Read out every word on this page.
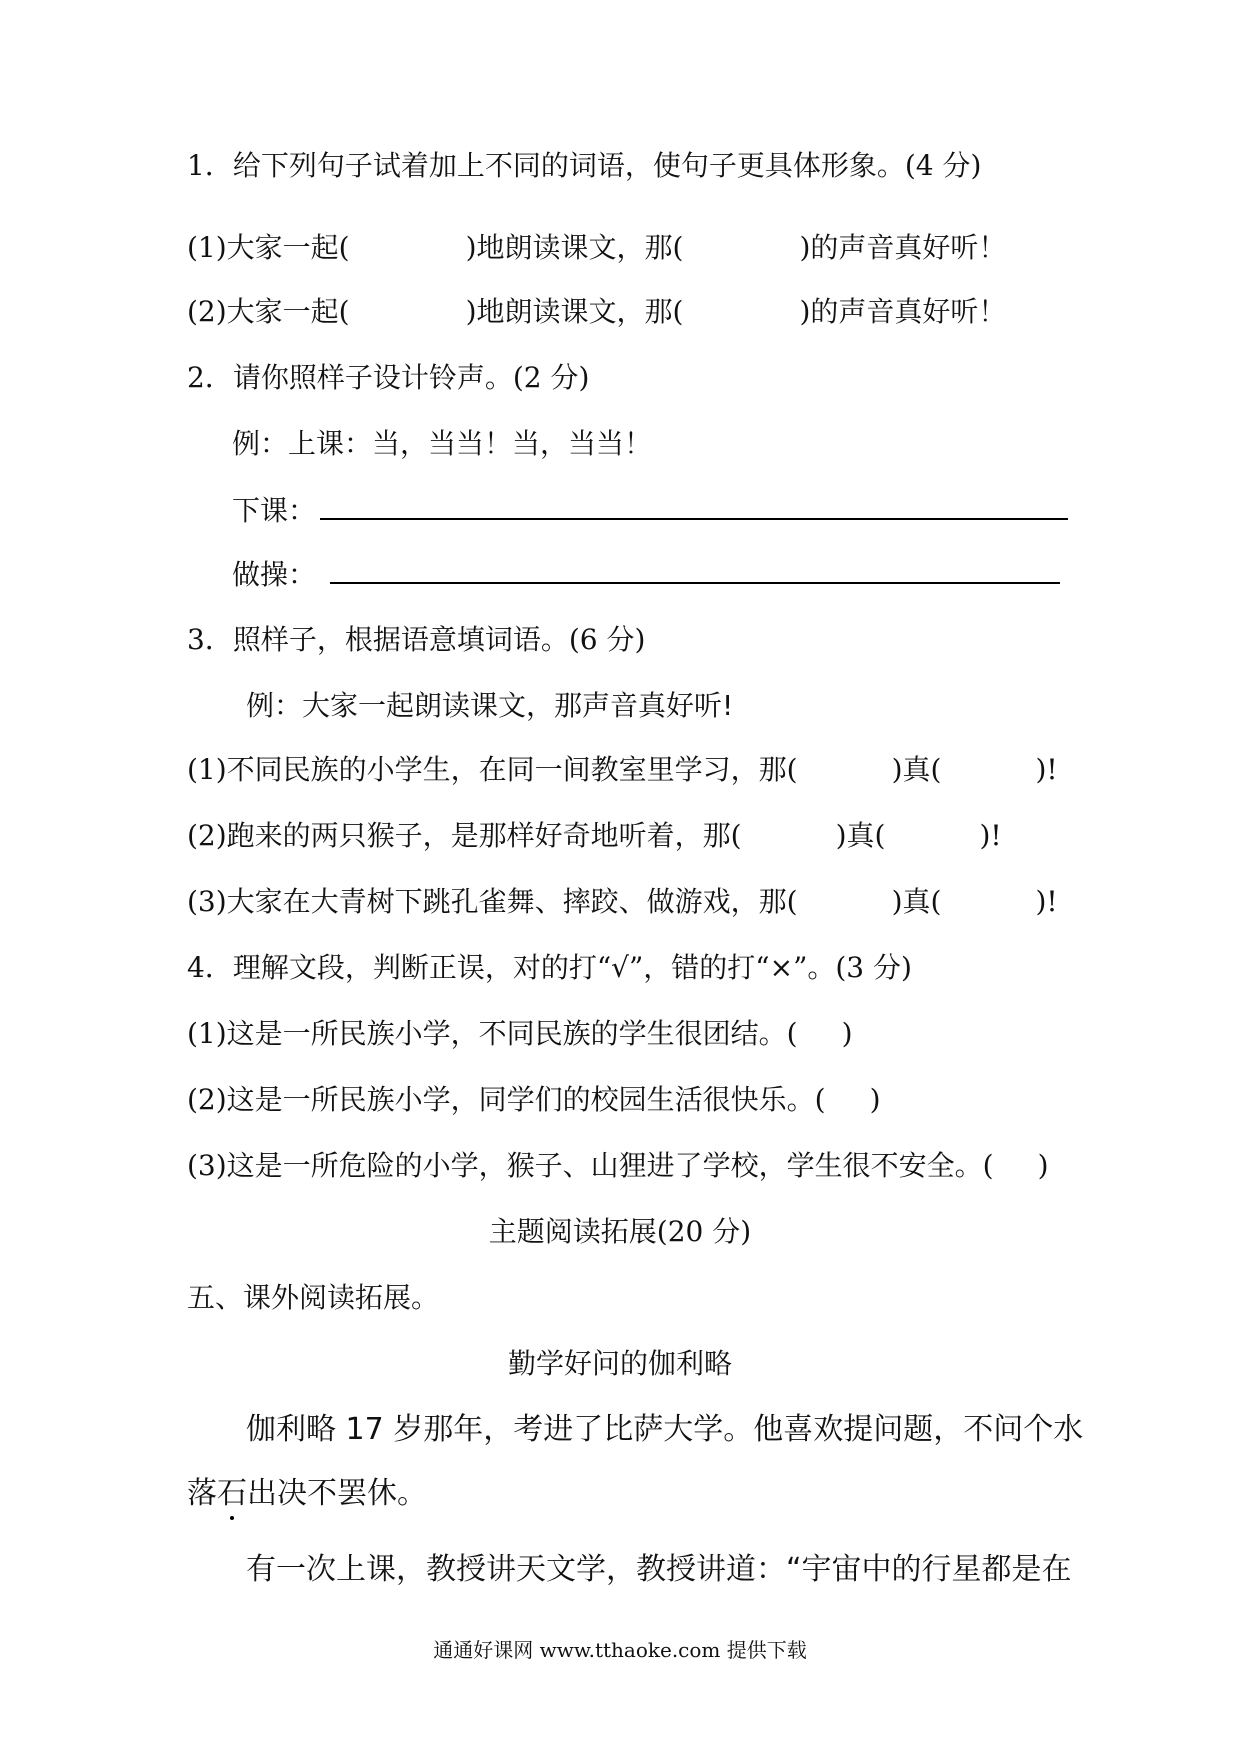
1．给下列句子试着加上不同的词语，使句子更具体形象。(4 分)
(1)大家一起(	)地朗读课文，那(	)的声音真好听！
(2)大家一起(	)地朗读课文，那(	)的声音真好听！
2．请你照样子设计铃声。(2 分)
例：上课：当，当当！当，当当！
下课：
做操：
3．照样子，根据语意填词语。(6 分)
例：大家一起朗读课文，那声音真好听!
(1)不同民族的小学生，在同一间教室里学习，那(	)真(	)!
(2)跑来的两只猴子，是那样好奇地听着，那(	)真(	)!
(3)大家在大青树下跳孔雀舞、摔跤、做游戏，那(	)真(	)!
4．理解文段，判断正误，对的打“√”，错的打“×”。(3 分)
(1)这是一所民族小学，不同民族的学生很团结。( )
(2)这是一所民族小学，同学们的校园生活很快乐。( )
(3)这是一所危险的小学，猴子、山狸进了学校，学生很不安全。( )
主题阅读拓展(20 分)
五、课外阅读拓展。
勤学好问的伽利略
伽利略 17 岁那年，考进了比萨大学。他喜欢提问题，不问个水
落石出决不罢休。
有一次上课，教授讲天文学，教授讲道：“宇宙中的行星都是在
通通好课网 www.tthaoke.com 提供下载
